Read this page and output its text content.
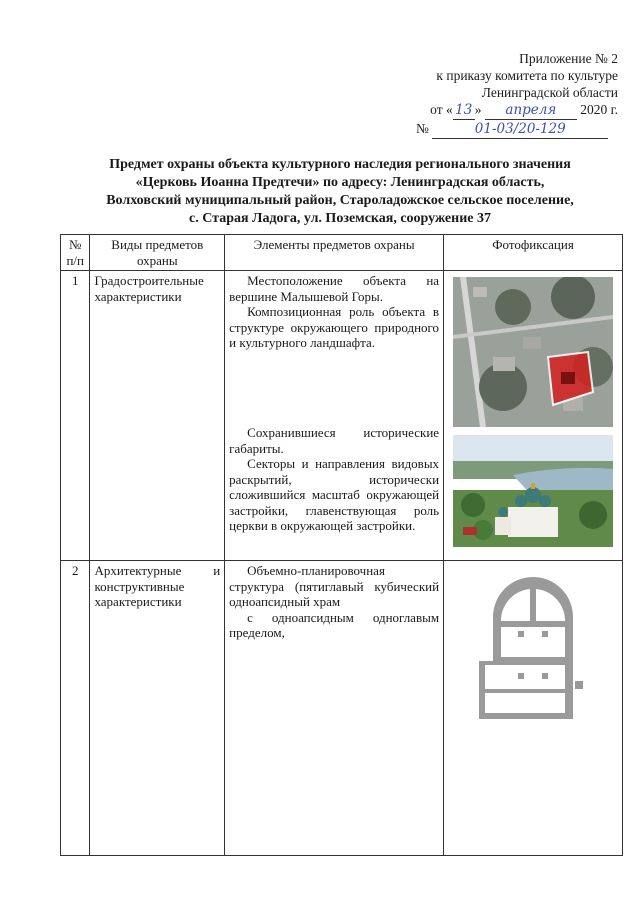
Приложение № 2
к приказу комитета по культуре
Ленинградской области
от « 13 » апреля 2020 г.
№	01-03/20-129
Предмет охраны объекта культурного наследия регионального значения
«Церковь Иоанна Предтечи» по адресу: Ленинградская область,
Волховский муниципальный район, Староладожское сельское поселение,
с. Старая Ладога, ул. Поземская, сооружение 37
№ п/п	Виды предметов охраны	Элементы предметов охраны	Фотофиксация
1	Градостроительные характеристики	Местоположение объекта на вершине Малышевой Горы.

Композиционная роль объекта в структуре окружающего природного и культурного ландшафта.

Сохранившиеся исторические габариты.

Секторы и направления видовых раскрытий, исторически сложившийся масштаб окружающей застройки, главенствующая роль церкви в окружающей застройки.

2	Архитектурные и конструктивные характеристики	Объемно-планировочная структура (пятиглавый кубический одноапсидный храм

с одноапсидным одноглавым пределом,
